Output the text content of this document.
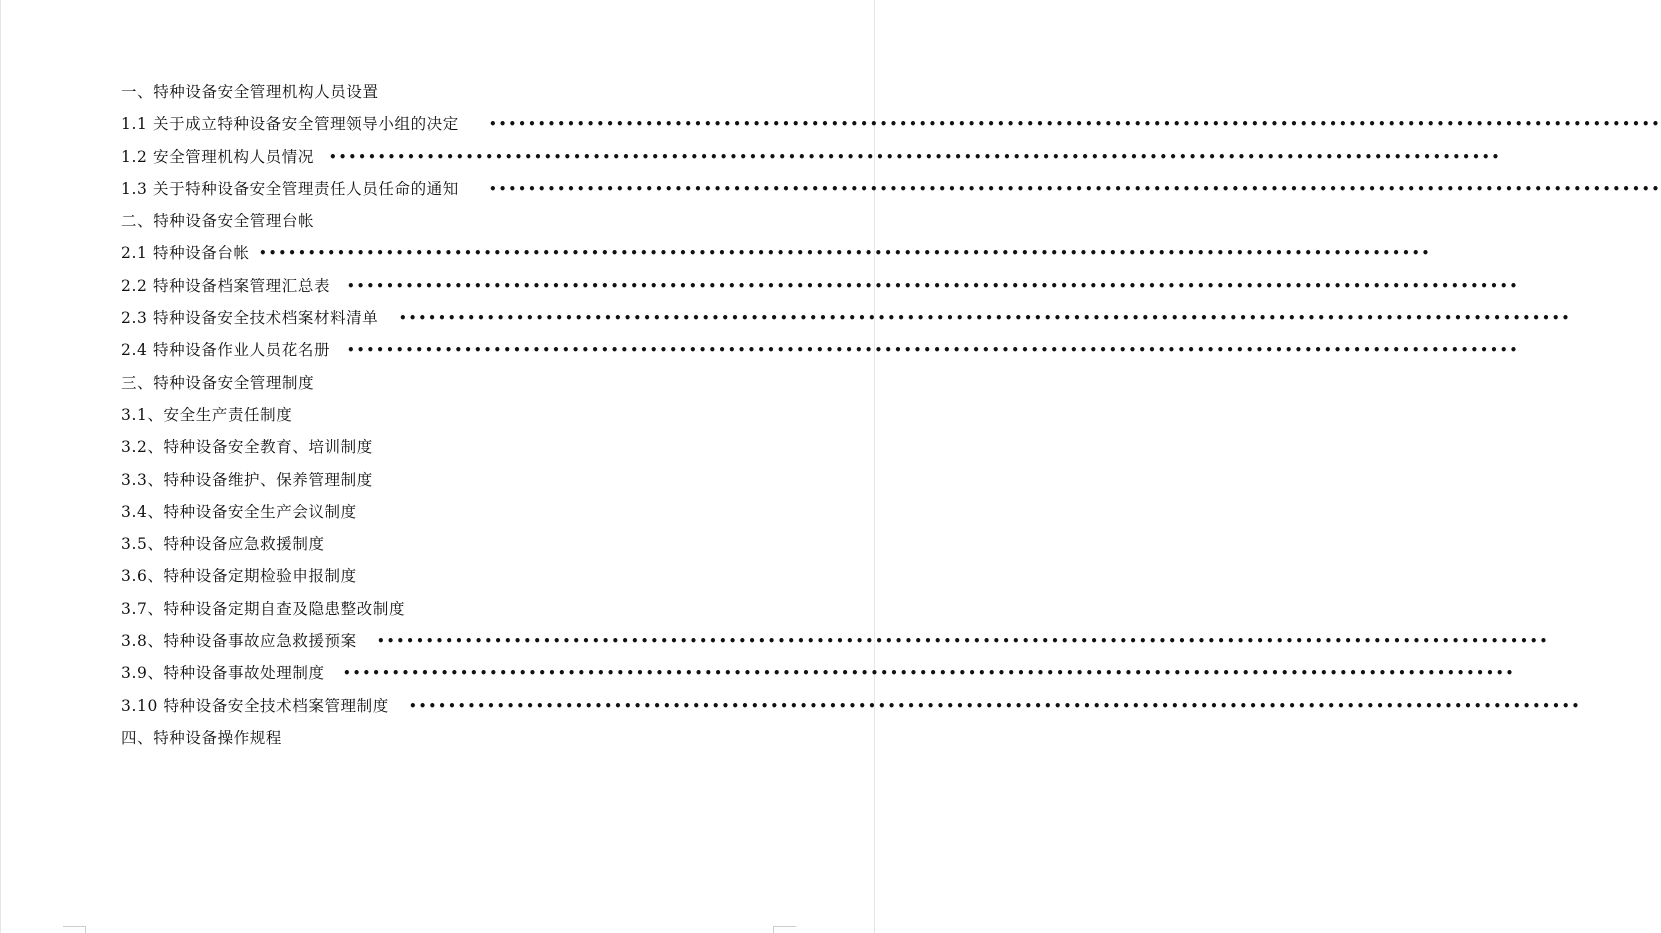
一、特种设备安全管理机构人员设置
1.1 关于成立特种设备安全管理领导小组的决定	••••••••••••••••••••••••••••••••••••••••••••••••••••••••••••••••••••••••••••••••••••••••••••••••••••••••••••••••••••••••
1.2 安全管理机构人员情况 ••••••••••••••••••••••••••••••••••••••••••••••••••••••••••••••••••••••••••••••••••••••••••••••••••••••••••••••••••••••••
1.3 关于特种设备安全管理责任人员任命的通知	••••••••••••••••••••••••••••••••••••••••••••••••••••••••••••••••••••••••••••••••••••••••••••••••••••••••••••••••••••••••
二、特种设备安全管理台帐
2.1 特种设备台帐 ••••••••••••••••••••••••••••••••••••••••••••••••••••••••••••••••••••••••••••••••••••••••••••••••••••••••••••••••••••••••
2.2 特种设备档案管理汇总表 ••••••••••••••••••••••••••••••••••••••••••••••••••••••••••••••••••••••••••••••••••••••••••••••••••••••••••••••••••••••••
2.3 特种设备安全技术档案材料清单 ••••••••••••••••••••••••••••••••••••••••••••••••••••••••••••••••••••••••••••••••••••••••••••••••••••••••••••••••••••••••
2.4 特种设备作业人员花名册 ••••••••••••••••••••••••••••••••••••••••••••••••••••••••••••••••••••••••••••••••••••••••••••••••••••••••••••••••••••••••
三、特种设备安全管理制度
3.1、安全生产责任制度
3.2、特种设备安全教育、培训制度
3.3、特种设备维护、保养管理制度
3.4、特种设备安全生产会议制度
3.5、特种设备应急救援制度
3.6、特种设备定期检验申报制度
3.7、特种设备定期自查及隐患整改制度
3.8、特种设备事故应急救援预案 ••••••••••••••••••••••••••••••••••••••••••••••••••••••••••••••••••••••••••••••••••••••••••••••••••••••••••••••••••••••••
3.9、特种设备事故处理制度 ••••••••••••••••••••••••••••••••••••••••••••••••••••••••••••••••••••••••••••••••••••••••••••••••••••••••••••••••••••••••
3.10 特种设备安全技术档案管理制度 ••••••••••••••••••••••••••••••••••••••••••••••••••••••••••••••••••••••••••••••••••••••••••••••••••••••••••••••••••••••••
四、特种设备操作规程
